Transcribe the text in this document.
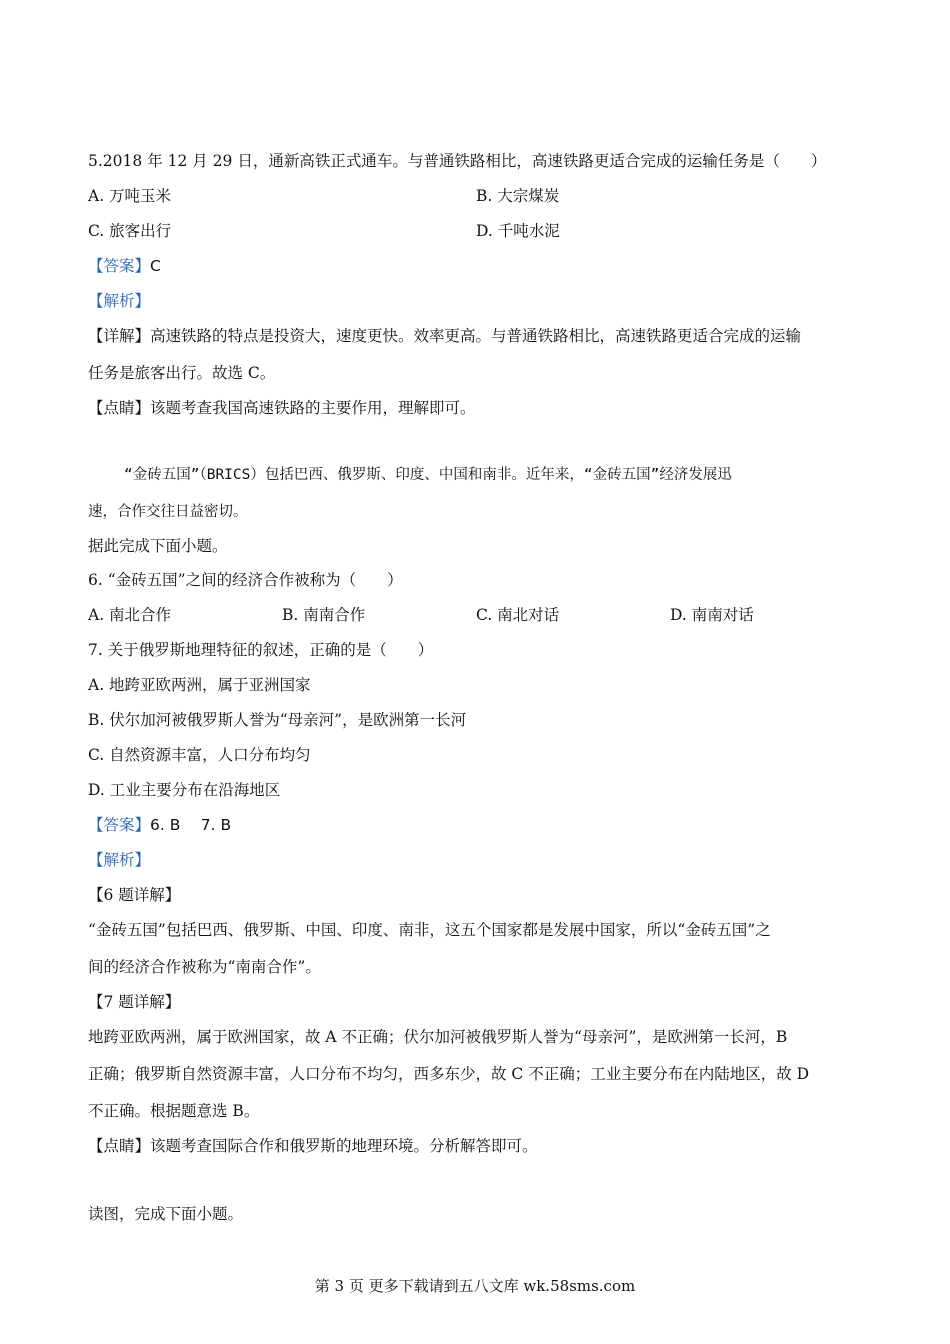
5.2018 年 12 月 29 日，通新高铁正式通车。与普通铁路相比，高速铁路更适合完成的运输任务是（　　）
A. 万吨玉米	B. 大宗煤炭
C. 旅客出行	D. 千吨水泥
【答案】C
【解析】
【详解】高速铁路的特点是投资大，速度更快。效率更高。与普通铁路相比，高速铁路更适合完成的运输
任务是旅客出行。故选 C。
【点睛】该题考查我国高速铁路的主要作用，理解即可。
“金砖五国”（BRICS）包括巴西、俄罗斯、印度、中国和南非。近年来，“金砖五国”经济发展迅
速，合作交往日益密切。
据此完成下面小题。
6. “金砖五国”之间的经济合作被称为（　　）
A. 南北合作	B. 南南合作	C. 南北对话	D. 南南对话
7. 关于俄罗斯地理特征的叙述，正确的是（　　）
A. 地跨亚欧两洲，属于亚洲国家
B. 伏尔加河被俄罗斯人誉为“母亲河”，是欧洲第一长河
C. 自然资源丰富，人口分布均匀
D. 工业主要分布在沿海地区
【答案】6. B　 7. B
【解析】
【6 题详解】
“金砖五国”包括巴西、俄罗斯、中国、印度、南非，这五个国家都是发展中国家，所以“金砖五国”之
间的经济合作被称为“南南合作”。
【7 题详解】
地跨亚欧两洲，属于欧洲国家，故 A 不正确；伏尔加河被俄罗斯人誉为“母亲河”，是欧洲第一长河，B
正确；俄罗斯自然资源丰富，人口分布不均匀，西多东少，故 C 不正确；工业主要分布在内陆地区，故 D
不正确。根据题意选 B。
【点睛】该题考查国际合作和俄罗斯的地理环境。分析解答即可。
读图，完成下面小题。
第 3 页 更多下载请到五八文库 wk.58sms.com
